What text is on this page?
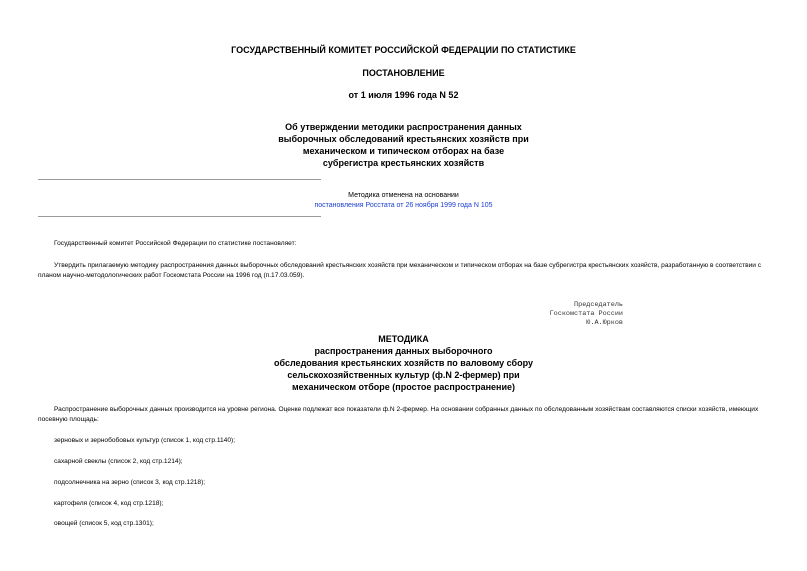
ГОСУДАРСТВЕННЫЙ КОМИТЕТ РОССИЙСКОЙ ФЕДЕРАЦИИ ПО СТАТИСТИКЕ
ПОСТАНОВЛЕНИЕ
от 1 июля 1996 года N 52
Об утверждении методики распространения данных
выборочных обследований крестьянских хозяйств при
механическом и типическом отборах на базе
субрегистра крестьянских хозяйств
Методика отменена на основании
постановления Росстата от 26 ноября 1999 года N 105
Государственный комитет Российской Федерации по статистике постановляет:
Утвердить прилагаемую методику распространения данных выборочных обследований крестьянских хозяйств при механическом и типическом отборах на базе субрегистра крестьянских хозяйств, разработанную в соответствии с планом научно-методологических работ Госкомстата России на 1996 год (п.17.03.059).
Председатель
Госкомстата России
Ю.А.Юрков
МЕТОДИКА
распространения данных выборочного
обследования крестьянских хозяйств по валовому сбору
сельскохозяйственных культур (ф.N 2-фермер) при
механическом отборе (простое распространение)
Распространение выборочных данных производится на уровне региона. Оценке подлежат все показатели ф.N 2-фермер. На основании собранных данных по обследованным хозяйствам составляются списки хозяйств, имеющих посевную площадь:
зерновых и зернобобовых культур (список 1, код стр.1140);
сахарной свеклы (список 2, код стр.1214);
подсолнечника на зерно (список 3, код стр.1218);
картофеля (список 4, код стр.1218);
овощей (список 5, код стр.1301);
